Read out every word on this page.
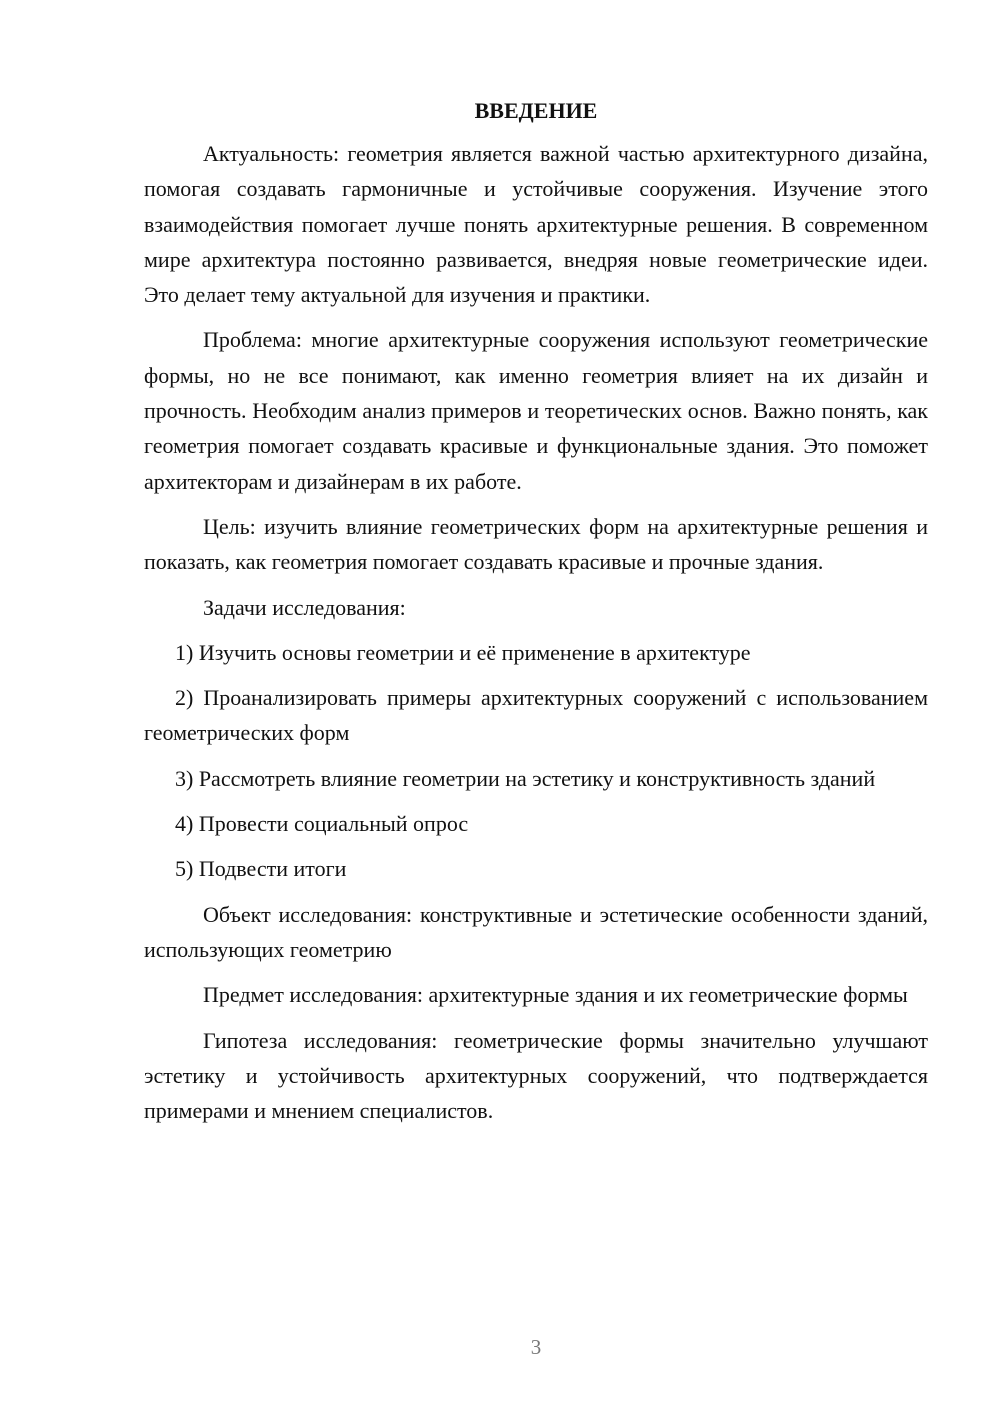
ВВЕДЕНИЕ

Актуальность: геометрия является важной частью архитектурного дизайна, помогая создавать гармоничные и устойчивые сооружения. Изучение этого взаимодействия помогает лучше понять архитектурные решения. В современном мире архитектура постоянно развивается, внедряя новые геометрические идеи. Это делает тему актуальной для изучения и практики.

Проблема: многие архитектурные сооружения используют геометрические формы, но не все понимают, как именно геометрия влияет на их дизайн и прочность. Необходим анализ примеров и теоретических основ. Важно понять, как геометрия помогает создавать красивые и функциональные здания. Это поможет архитекторам и дизайнерам в их работе.

Цель: изучить влияние геометрических форм на архитектурные решения и показать, как геометрия помогает создавать красивые и прочные здания.

Задачи исследования:

1) Изучить основы геометрии и её применение в архитектуре

2) Проанализировать примеры архитектурных сооружений с использованием геометрических форм

3) Рассмотреть влияние геометрии на эстетику и конструктивность зданий

4) Провести социальный опрос

5) Подвести итоги

Объект исследования: конструктивные и эстетические особенности зданий, использующих геометрию

Предмет исследования: архитектурные здания и их геометрические формы

Гипотеза исследования: геометрические формы значительно улучшают эстетику и устойчивость архитектурных сооружений, что подтверждается примерами и мнением специалистов.

3
